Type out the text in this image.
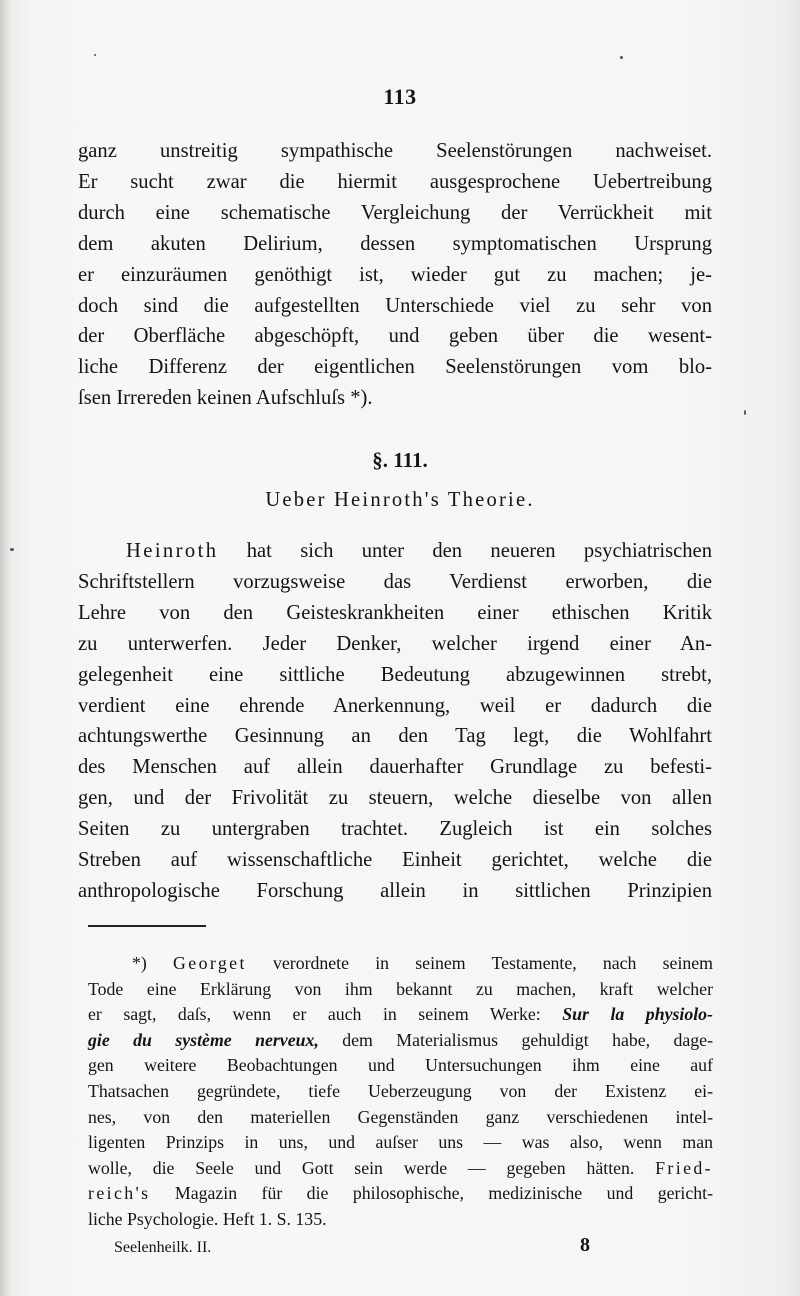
113
ganz unstreitig sympathische Seelenstörungen nachweiset.
Er sucht zwar die hiermit ausgesprochene Uebertreibung
durch eine schematische Vergleichung der Verrückheit mit
dem akuten Delirium, dessen symptomatischen Ursprung
er einzuräumen genöthigt ist, wieder gut zu machen; je-
doch sind die aufgestellten Unterschiede viel zu sehr von
der Oberfläche abgeschöpft, und geben über die wesent-
liche Differenz der eigentlichen Seelenstörungen vom blo-
ſsen Irrereden keinen Aufschluſs *).
§. 111.
Ueber Heinroth's Theorie.
Heinroth hat sich unter den neueren psychiatrischen
Schriftstellern vorzugsweise das Verdienst erworben, die
Lehre von den Geisteskrankheiten einer ethischen Kritik
zu unterwerfen. Jeder Denker, welcher irgend einer An-
gelegenheit eine sittliche Bedeutung abzugewinnen strebt,
verdient eine ehrende Anerkennung, weil er dadurch die
achtungswerthe Gesinnung an den Tag legt, die Wohlfahrt
des Menschen auf allein dauerhafter Grundlage zu befesti-
gen, und der Frivolität zu steuern, welche dieselbe von allen
Seiten zu untergraben trachtet. Zugleich ist ein solches
Streben auf wissenschaftliche Einheit gerichtet, welche die
anthropologische Forschung allein in sittlichen Prinzipien
*) Georget verordnete in seinem Testamente, nach seinem
Tode eine Erklärung von ihm bekannt zu machen, kraft welcher
er sagt, daſs, wenn er auch in seinem Werke: Sur la physiolo-
gie du système nerveux, dem Materialismus gehuldigt habe, dage-
gen weitere Beobachtungen und Untersuchungen ihm eine auf
Thatsachen gegründete, tiefe Ueberzeugung von der Existenz ei-
nes, von den materiellen Gegenständen ganz verschiedenen intel-
ligenten Prinzips in uns, und auſser uns — was also, wenn man
wolle, die Seele und Gott sein werde — gegeben hätten. Fried-
reich's Magazin für die philosophische, medizinische und gericht-
liche Psychologie. Heft 1. S. 135.
Seelenheilk. II.	8
